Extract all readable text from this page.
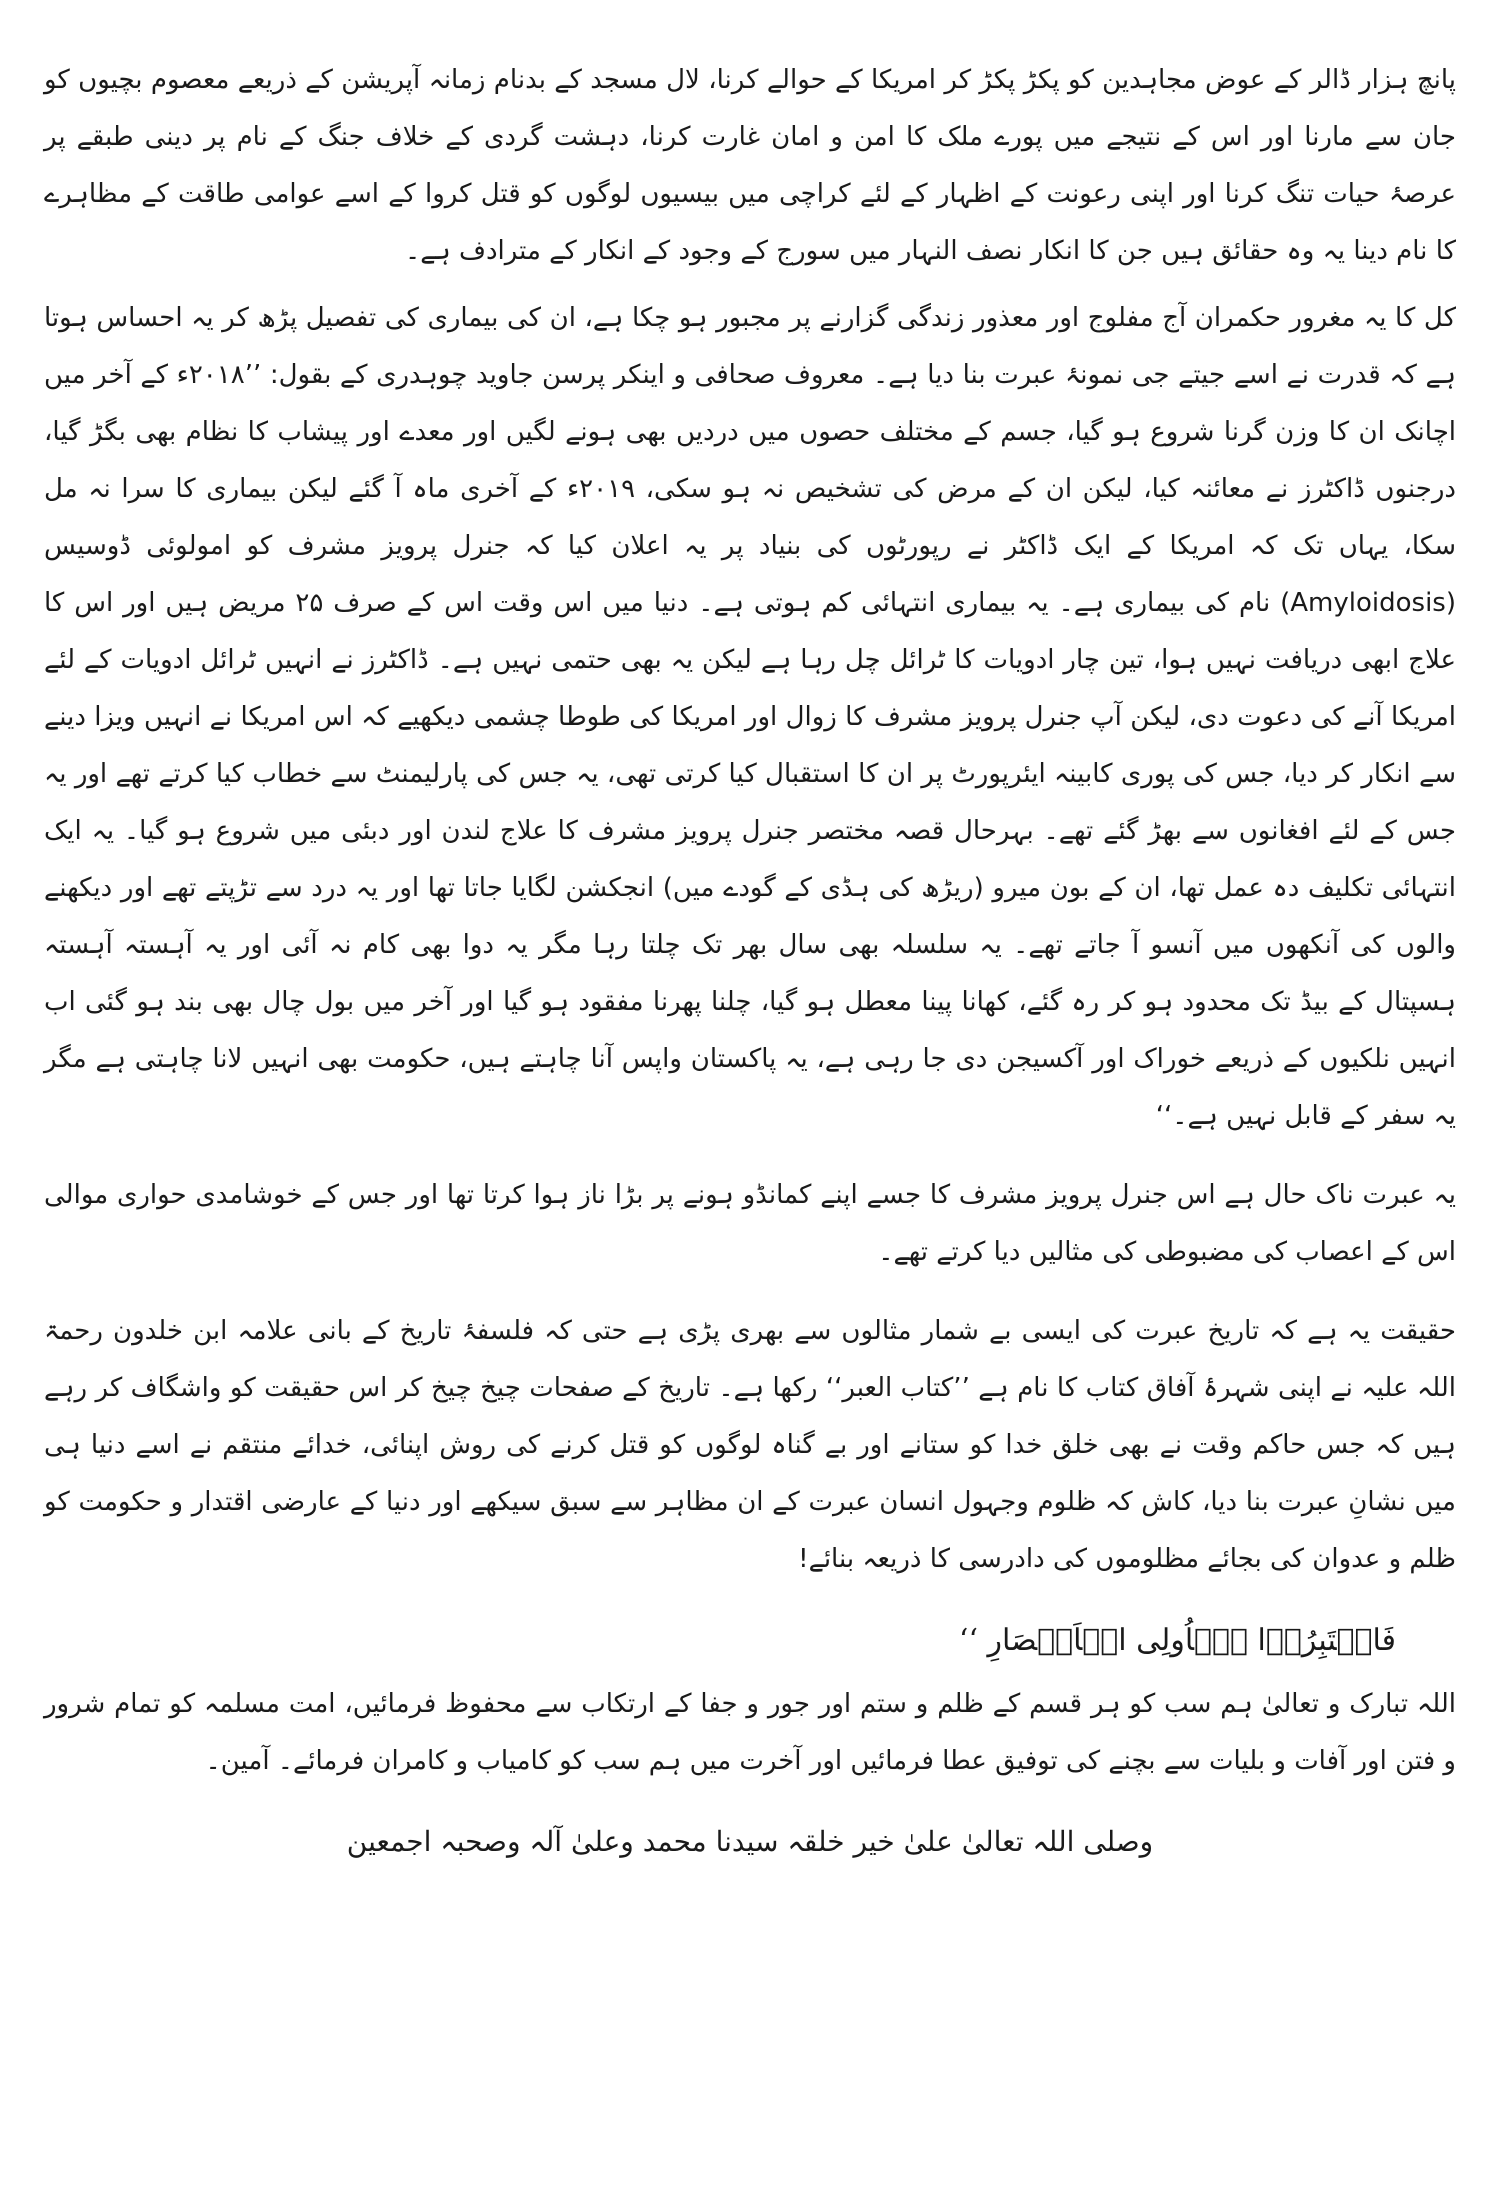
پانچ ہزار ڈالر کے عوض مجاہدین کو پکڑ پکڑ کر امریکا کے حوالے کرنا، لال مسجد کے بدنام زمانہ آپریشن کے ذریعے معصوم بچیوں کو جان سے مارنا اور اس کے نتیجے میں پورے ملک کا امن و امان غارت کرنا، دہشت گردی کے خلاف جنگ کے نام پر دینی طبقے پر عرصۂ حیات تنگ کرنا اور اپنی رعونت کے اظہار کے لئے کراچی میں بیسیوں لوگوں کو قتل کروا کے اسے عوامی طاقت کے مظاہرے کا نام دینا یہ وہ حقائق ہیں جن کا انکار نصف النہار میں سورج کے وجود کے انکار کے مترادف ہے۔

کل کا یہ مغرور حکمران آج مفلوج اور معذور زندگی گزارنے پر مجبور ہو چکا ہے، ان کی بیماری کی تفصیل پڑھ کر یہ احساس ہوتا ہے کہ قدرت نے اسے جیتے جی نمونۂ عبرت بنا دیا ہے۔ معروف صحافی و اینکر پرسن جاوید چوہدری کے بقول: ’’۲۰۱۸ء کے آخر میں اچانک ان کا وزن گرنا شروع ہو گیا، جسم کے مختلف حصوں میں دردیں بھی ہونے لگیں اور معدے اور پیشاب کا نظام بھی بگڑ گیا، درجنوں ڈاکٹرز نے معائنہ کیا، لیکن ان کے مرض کی تشخیص نہ ہو سکی، ۲۰۱۹ء کے آخری ماہ آ گئے لیکن بیماری کا سرا نہ مل سکا، یہاں تک کہ امریکا کے ایک ڈاکٹر نے رپورٹوں کی بنیاد پر یہ اعلان کیا کہ جنرل پرویز مشرف کو امولوئی ڈوسیس (Amyloidosis) نام کی بیماری ہے۔ یہ بیماری انتہائی کم ہوتی ہے۔ دنیا میں اس وقت اس کے صرف ۲۵ مریض ہیں اور اس کا علاج ابھی دریافت نہیں ہوا، تین چار ادویات کا ٹرائل چل رہا ہے لیکن یہ بھی حتمی نہیں ہے۔ ڈاکٹرز نے انہیں ٹرائل ادویات کے لئے امریکا آنے کی دعوت دی، لیکن آپ جنرل پرویز مشرف کا زوال اور امریکا کی طوطا چشمی دیکھیے کہ اس امریکا نے انہیں ویزا دینے سے انکار کر دیا، جس کی پوری کابینہ ایئرپورٹ پر ان کا استقبال کیا کرتی تھی، یہ جس کی پارلیمنٹ سے خطاب کیا کرتے تھے اور یہ جس کے لئے افغانوں سے بھڑ گئے تھے۔ بہرحال قصہ مختصر جنرل پرویز مشرف کا علاج لندن اور دبئی میں شروع ہو گیا۔ یہ ایک انتہائی تکلیف دہ عمل تھا، ان کے بون میرو (ریڑھ کی ہڈی کے گودے میں) انجکشن لگایا جاتا تھا اور یہ درد سے تڑپتے تھے اور دیکھنے والوں کی آنکھوں میں آنسو آ جاتے تھے۔ یہ سلسلہ بھی سال بھر تک چلتا رہا مگر یہ دوا بھی کام نہ آئی اور یہ آہستہ آہستہ ہسپتال کے بیڈ تک محدود ہو کر رہ گئے، کھانا پینا معطل ہو گیا، چلنا پھرنا مفقود ہو گیا اور آخر میں بول چال بھی بند ہو گئی اب انہیں نلکیوں کے ذریعے خوراک اور آکسیجن دی جا رہی ہے، یہ پاکستان واپس آنا چاہتے ہیں، حکومت بھی انہیں لانا چاہتی ہے مگر یہ سفر کے قابل نہیں ہے۔‘‘

یہ عبرت ناک حال ہے اس جنرل پرویز مشرف کا جسے اپنے کمانڈو ہونے پر بڑا ناز ہوا کرتا تھا اور جس کے خوشامدی حواری موالی اس کے اعصاب کی مضبوطی کی مثالیں دیا کرتے تھے۔

حقیقت یہ ہے کہ تاریخ عبرت کی ایسی بے شمار مثالوں سے بھری پڑی ہے حتی کہ فلسفۂ تاریخ کے بانی علامہ ابن خلدون رحمۃ اللہ علیہ نے اپنی شہرۂ آفاق کتاب کا نام ہے ’’کتاب العبر‘‘ رکھا ہے۔ تاریخ کے صفحات چیخ چیخ کر اس حقیقت کو واشگاف کر رہے ہیں کہ جس حاکم وقت نے بھی خلق خدا کو ستانے اور بے گناہ لوگوں کو قتل کرنے کی روش اپنائی، خدائے منتقم نے اسے دنیا ہی میں نشانِ عبرت بنا دیا، کاش کہ ظلوم وجہول انسان عبرت کے ان مظاہر سے سبق سیکھے اور دنیا کے عارضی اقتدار و حکومت کو ظلم و عدوان کی بجائے مظلوموں کی دادرسی کا ذریعہ بنائے!

فَاعۡتَبِرُوۡا یٰۤاُولِی الۡاَبۡصَارِ ‘‘

اللہ تبارک و تعالیٰ ہم سب کو ہر قسم کے ظلم و ستم اور جور و جفا کے ارتکاب سے محفوظ فرمائیں، امت مسلمہ کو تمام شرور و فتن اور آفات و بلیات سے بچنے کی توفیق عطا فرمائیں اور آخرت میں ہم سب کو کامیاب و کامران فرمائے۔ آمین۔

وصلی اللہ تعالیٰ علیٰ خیر خلقہ سیدنا محمد وعلیٰ آلہ وصحبہ اجمعین
